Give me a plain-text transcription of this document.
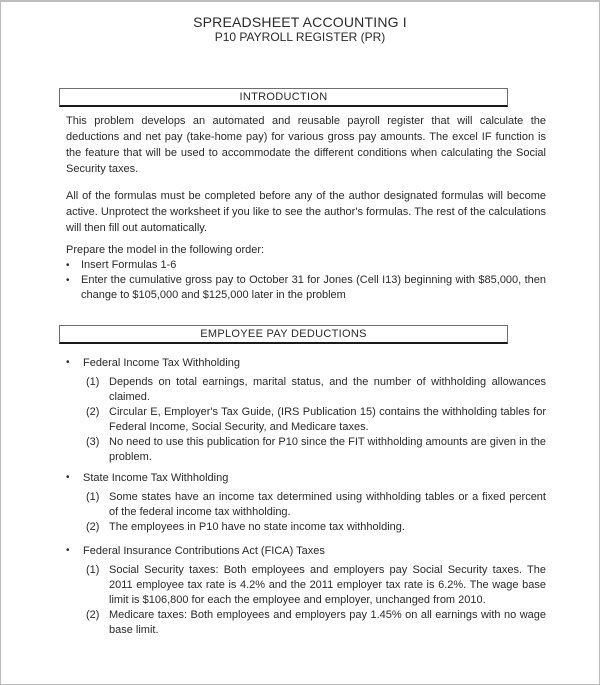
SPREADSHEET ACCOUNTING I
P10 PAYROLL REGISTER (PR)
INTRODUCTION

This problem develops an automated and reusable payroll register that will calculate the deductions and net pay (take-home pay) for various gross pay amounts. The excel IF function is the feature that will be used to accommodate the different conditions when calculating the Social Security taxes.

All of the formulas must be completed before any of the author designated formulas will become active. Unprotect the worksheet if you like to see the author's formulas. The rest of the calculations will then fill out automatically.

Prepare the model in the following order:
• Insert Formulas 1-6
• Enter the cumulative gross pay to October 31 for Jones (Cell I13) beginning with $85,000, then change to $105,000 and $125,000 later in the problem
EMPLOYEE PAY DEDUCTIONS
• Federal Income Tax Withholding
(1) Depends on total earnings, marital status, and the number of withholding allowances claimed.
(2) Circular E, Employer's Tax Guide, (IRS Publication 15) contains the withholding tables for Federal Income, Social Security, and Medicare taxes.
(3) No need to use this publication for P10 since the FIT withholding amounts are given in the problem.
• State Income Tax Withholding
(1) Some states have an income tax determined using withholding tables or a fixed percent of the federal income tax withholding.
(2) The employees in P10 have no state income tax withholding.
• Federal Insurance Contributions Act (FICA) Taxes
(1) Social Security taxes: Both employees and employers pay Social Security taxes. The 2011 employee tax rate is 4.2% and the 2011 employer tax rate is 6.2%. The wage base limit is $106,800 for each the employee and employer, unchanged from 2010.
(2) Medicare taxes: Both employees and employers pay 1.45% on all earnings with no wage base limit.
